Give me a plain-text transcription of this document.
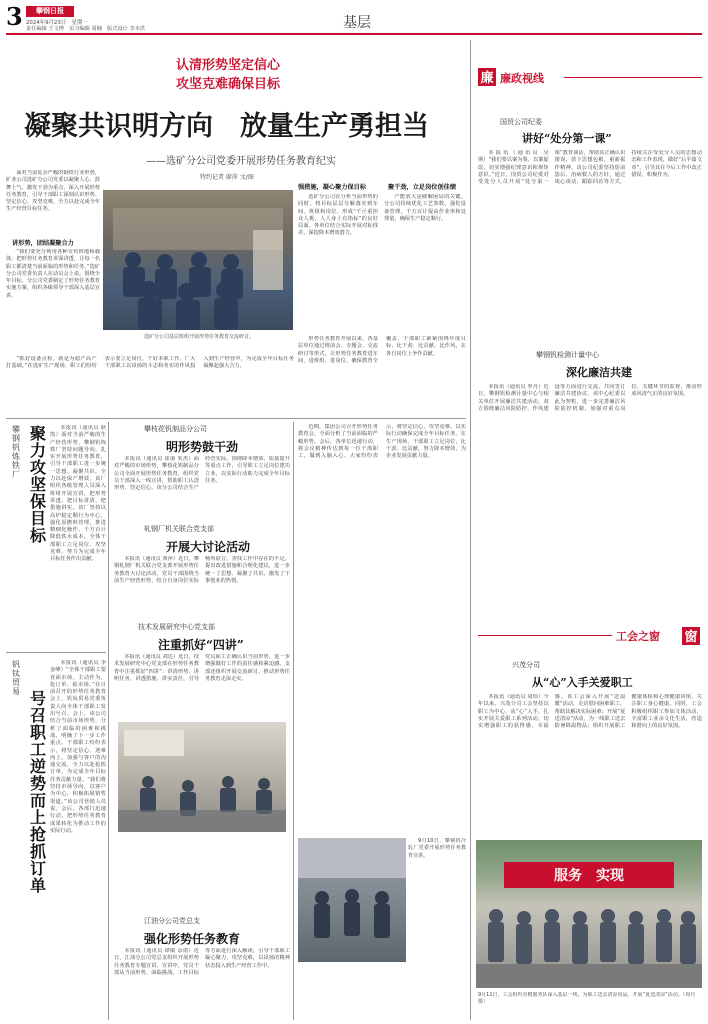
3	攀钢日报
2024年9月23日　星期一
责任编辑 王文博　实习编辑 周楠　版式设计 李本洪	基层
认清形势坚定信心
攻坚克难确保目标
凝聚共识明方向　放量生产勇担当
——选矿分公司党委开展形势任务教育纪实
特约记者 廖萍 文/图
选矿分公司基层班组开展形势任务教育交流研讨。

面对当前复杂严峻的钢铁行业形势，矿业公司选矿分公司党委以凝聚人心、鼓舞士气、激发干劲为重点，深入开展形势任务教育，引导干部职工深刻认识形势、坚定信心、攻坚克难，全力以赴完成全年生产经营目标任务。

讲形势，团结凝聚合力

“我们要充分利用各种宣传阵地和载体，把形势任务教育讲深讲透，让每一名职工都清楚当前面临的形势和任务。”选矿分公司党委负责人在动员会上说。围绕全年目标，分公司党委制定了形势任务教育实施方案，组织各级领导干部深入基层宣讲。

强措施，凝心聚力保目标

选矿分公司在分析当前形势的同时，将目标层层分解落实到车间、班组和岗位，形成“千斤重担众人挑，人人身上有指标”的良好局面。各单位结合实际开展对标找差，深挖降本增效潜力。

聚干劲，立足岗位创佳绩

产能放大是破解困局的关键。分公司持续优化工艺参数，强化设备管理，千方百计提高作业率和处理量，确保生产稳定顺行。

“抓好设备点检，就是为稳产高产打基础。”在选矿生产现场，职工们纷纷表示要立足岗位，干好本职工作。广大干部职工以昂扬的斗志和务实的作风投入到生产经营中，为完成全年目标任务凝聚起强大合力。

形势任务教育开展以来，各基层单位通过班前会、专题会、交流研讨等形式，让形势任务教育进车间、进班组、进岗位，确保教育全覆盖。干部职工紧紧围绕年度目标，比干劲、比贡献、比作风，在各自岗位上争作贡献。

攀钢钒炼铁厂
聚力攻坚保目标

本报讯（通讯员 耿凯）面对当前严峻的生产经营形势，攀钢钒炼铁厂坚持问题导向，扎实开展形势任务教育，引导干部职工进一步统一思想、凝聚共识，全力以赴保产增效。该厂组织各级管理人员深入班组开展宣讲，把形势讲透、把目标讲清、把措施讲实。该厂坚持以高炉稳定顺行为中心，强化原燃料管理，推进精细化操作，千方百计降低铁水成本，全体干部职工立足岗位、攻坚克难，努力为完成全年目标任务作出贡献。

钒钛贸易 号召职工逆势而上抢抓订单

本报讯（通讯员 李金峰）“全体干部职工要直面市场、主动作为，抢订单、拓市场。”在日前召开的形势任务教育会上，钒钛贸易党委负责人向全体干部职工发出号召。会上，该公司结合当前市场形势，分析了面临的困难和挑战，明确了下一步工作重点。干部职工纷纷表示，将坚定信心、迎难而上，加强与客户的沟通交流，全力以赴抢抓订单，为完成全年目标任务贡献力量。“我们将坚持市场导向，以客户为中心，积极拓展销售渠道。”该公司营销人员说。会后，各部门迅速行动，把形势任务教育成果转化为推动工作的实际行动。

攀枝花钒制品分公司
明形势鼓干劲

本报讯（通讯员 崔丽 朱杰）面对严峻的市场形势，攀枝花钒制品分公司全面开展形势任务教育，组织党员干部深入一线宣讲，帮助职工认清形势、坚定信心。该分公司结合生产经营实际，围绕降本增效、质量提升等重点工作，引导职工立足岗位建功立业，以实际行动助力完成全年目标任务。

轧钢厂机关联合党支部
开展大讨论活动

本报讯（通讯员 黄萍）近日，攀钢轧钢厂机关联合党支部开展形势任务教育大讨论活动。党员干部围绕当前生产经营形势，结合自身岗位实际畅所欲言，查找工作中存在的不足，提出改进措施和合理化建议，进一步统一了思想、凝聚了共识，激发了干事创业的热情。

技术发展研究中心党支部
注重抓好“四讲”

本报讯（通讯员 刘达）近日，技术发展研究中心党支部在形势任务教育中注重抓好“四讲”：讲清形势、讲明任务、讲透措施、讲实责任，引导党员职工正确认识当前形势，进一步增强做好工作的责任感和紧迫感。支部还组织开展交流研讨，推动形势任务教育走深走实。

江油分公司党总支
强化形势任务教育

本报讯（通讯员 谭敏 余倩）近日，江油分公司党总支组织开展形势任务教育专题宣讲。宣讲中，党员干部从当前形势、面临挑战、工作目标等方面进行深入解读，引导干部职工凝心聚力、攻坚克难，以昂扬的精神状态投入到生产经营工作中。

近期，集团公司召开形势任务教育会，全面分析了当前面临的严峻形势。会后，各单位迅速行动，将会议精神传达到每一位干部职工，做到入脑入心。大家纷纷表示，将坚定信心，攻坚克难，以实际行动确保完成全年目标任务。在生产现场，干部职工立足岗位，比干劲、比贡献，努力降本增效，为企业发展贡献力量。

9月10日，攀钢钒冷轧厂党委开展形势任务教育宣讲。

廉 廉政视线
国贸公司纪委
讲好“处分第一课”

本报讯（通讯员 吴斯）“我们要以案为鉴、以案促改，切实增强纪律意识和规矩意识。”近日，国贸公司纪委对受处分人员开展“处分第一课”教育谈话，帮助其正确认识错误、放下思想包袱，重新振作精神。该公司纪委坚持惩前毖后、治病救人的方针，通过谈心谈话、跟踪回访等方式，持续关注受处分人员的思想动态和工作表现，做好“后半篇文章”，引导其在今后工作中改正错误、积极作为。

攀钢钒检测计量中心
深化廉洁共建

本报讯（通讯员 罗丹）近日，攀钢钒检测计量中心与相关单位开展廉洁共建活动，双方围绕廉洁风险防控、作风建设等方面进行交流，共同签订廉洁共建协议。该中心纪委以此为契机，进一步完善廉洁风险防控机制，加强对重点岗位、关键环节的监督，推动形成风清气正的良好氛围。

工会之窗 窗
兴茂分司
从“心”入手关爱职工

本报讯（通讯员 周炜）今年以来，兴茂分司工会坚持以职工为中心，从“心”入手，扎实开展关爱职工系列活动，切实增强职工的获得感、幸福感。该工会深入开展“送温暖”活动，走访慰问困难职工，帮助其解决实际困难；开展“夏送清凉”活动，为一线职工送去防暑降温物品；组织开展职工健康体检和心理健康讲座，关注职工身心健康。同时，工会积极组织职工参加文体活动，丰富职工业余文化生活，营造和谐向上的良好氛围。

服务　实现
9月11日，工会组织劳模服务队深入基层一线，为职工送去清凉用品，开展“夏送清凉”活动。（周丹 摄）
